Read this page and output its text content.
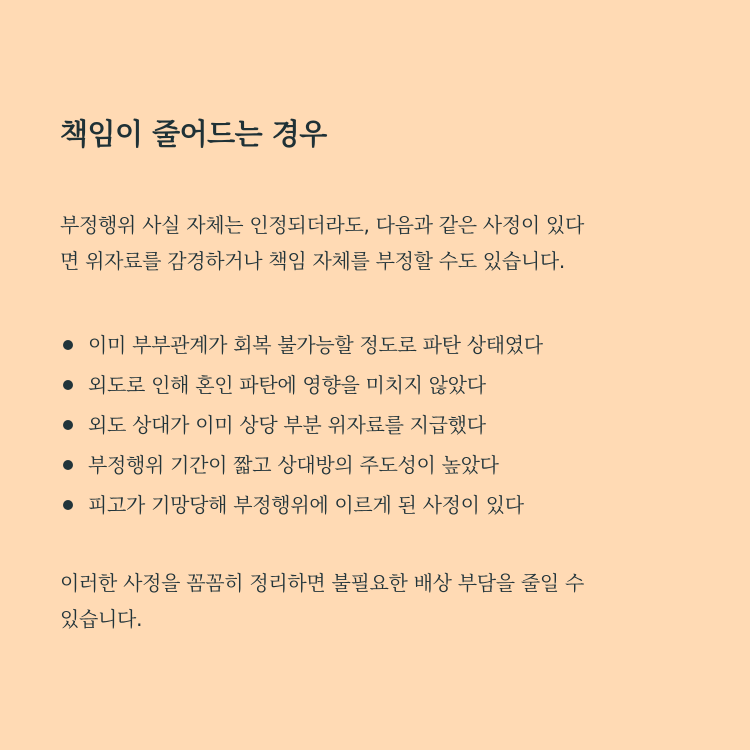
책임이 줄어드는 경우

부정행위 사실 자체는 인정되더라도, 다음과 같은 사정이 있다
면 위자료를 감경하거나 책임 자체를 부정할 수도 있습니다.

이미 부부관계가 회복 불가능할 정도로 파탄 상태였다
외도로 인해 혼인 파탄에 영향을 미치지 않았다
외도 상대가 이미 상당 부분 위자료를 지급했다
부정행위 기간이 짧고 상대방의 주도성이 높았다
피고가 기망당해 부정행위에 이르게 된 사정이 있다

이러한 사정을 꼼꼼히 정리하면 불필요한 배상 부담을 줄일 수
있습니다.
